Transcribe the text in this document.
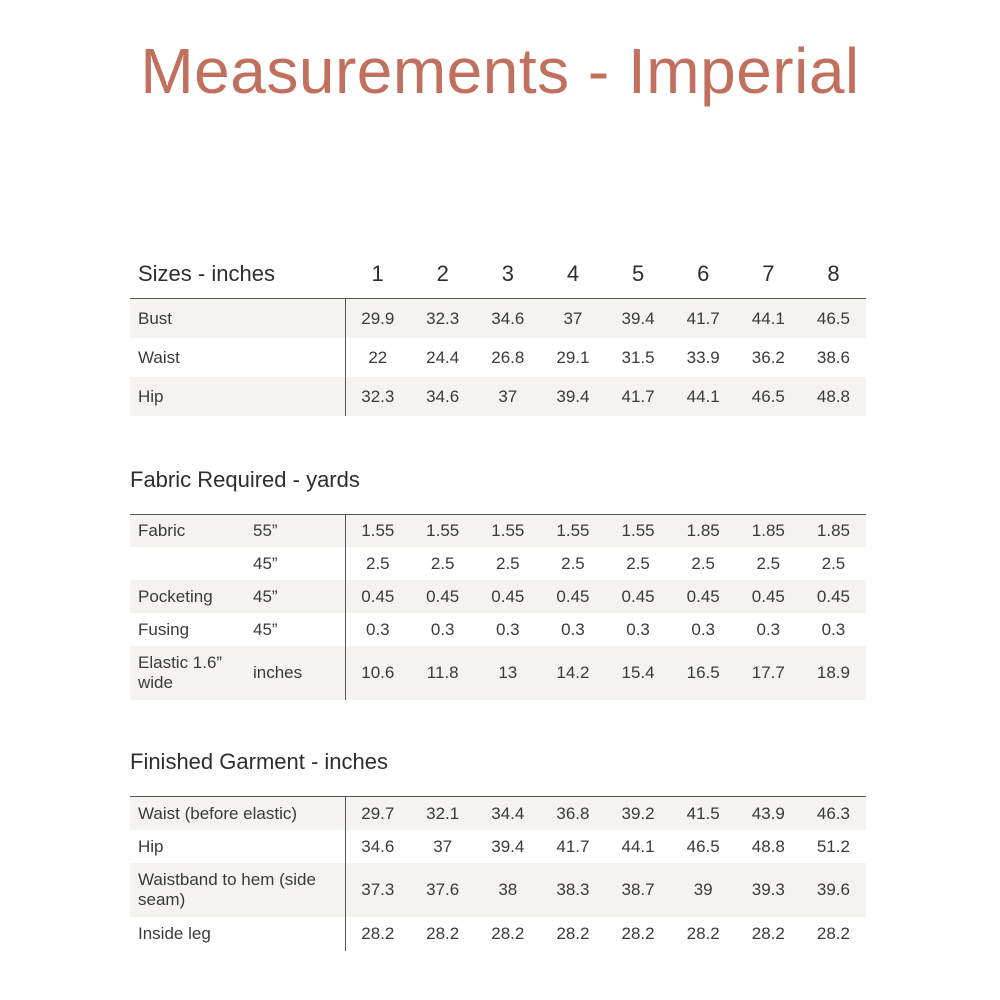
Measurements - Imperial
Sizes - inches	1	2	3	4	5	6	7	8
Bust	29.9	32.3	34.6	37	39.4	41.7	44.1	46.5
Waist	22	24.4	26.8	29.1	31.5	33.9	36.2	38.6
Hip	32.3	34.6	37	39.4	41.7	44.1	46.5	48.8
Fabric Required - yards
Fabric	55”	1.55	1.55	1.55	1.55	1.55	1.85	1.85	1.85
	45”	2.5	2.5	2.5	2.5	2.5	2.5	2.5	2.5
Pocketing	45”	0.45	0.45	0.45	0.45	0.45	0.45	0.45	0.45
Fusing	45”	0.3	0.3	0.3	0.3	0.3	0.3	0.3	0.3
Elastic 1.6” wide	inches	10.6	11.8	13	14.2	15.4	16.5	17.7	18.9
Finished Garment - inches
Waist (before elastic)	29.7	32.1	34.4	36.8	39.2	41.5	43.9	46.3
Hip	34.6	37	39.4	41.7	44.1	46.5	48.8	51.2
Waistband to hem (side seam)	37.3	37.6	38	38.3	38.7	39	39.3	39.6
Inside leg	28.2	28.2	28.2	28.2	28.2	28.2	28.2	28.2
